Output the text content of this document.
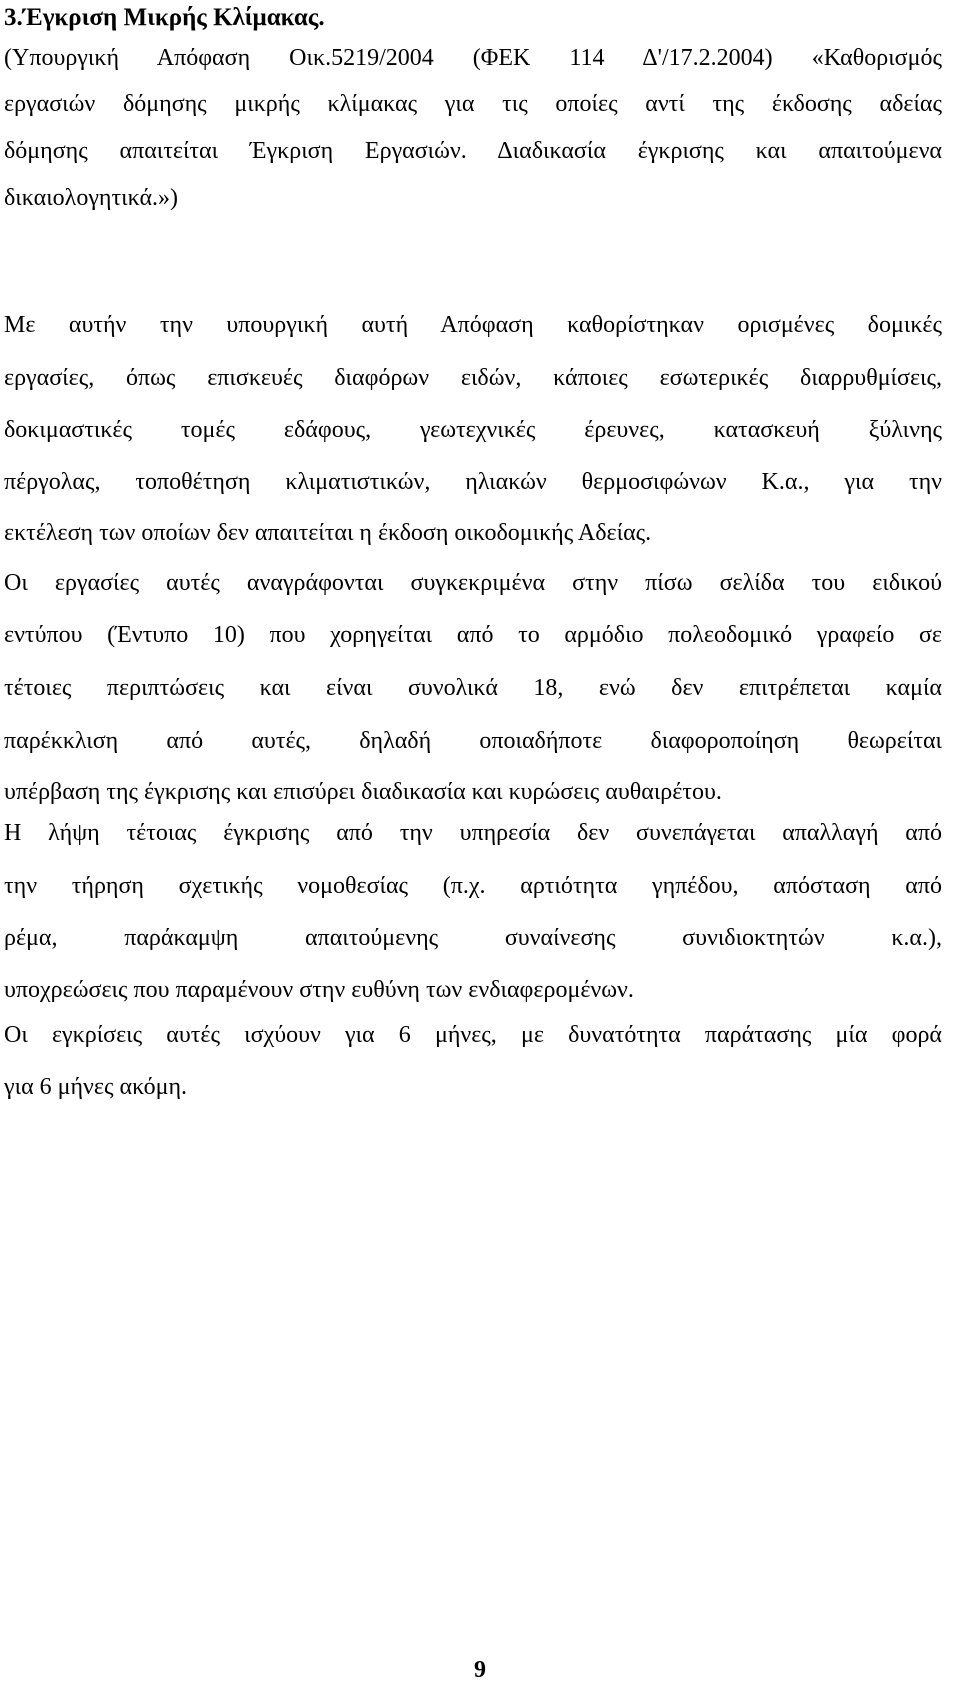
3.Έγκριση Μικρής Κλίμακας.
(Υπουργική Απόφαση Οικ.5219/2004 (ΦΕΚ 114 Δ'/17.2.2004) «Καθορισμός
εργασιών δόμησης μικρής κλίμακας για τις οποίες αντί της έκδοσης αδείας
δόμησης απαιτείται Έγκριση Εργασιών. Διαδικασία έγκρισης και απαιτούμενα
δικαιολογητικά.»)
Με αυτήν την υπουργική αυτή Απόφαση καθορίστηκαν ορισμένες δομικές
εργασίες, όπως επισκευές διαφόρων ειδών, κάποιες εσωτερικές διαρρυθμίσεις,
δοκιμαστικές τομές εδάφους, γεωτεχνικές έρευνες, κατασκευή ξύλινης
πέργολας, τοποθέτηση κλιματιστικών, ηλιακών θερμοσιφώνων Κ.α., για την
εκτέλεση των οποίων δεν απαιτείται η έκδοση οικοδομικής Αδείας.
Οι εργασίες αυτές αναγράφονται συγκεκριμένα στην πίσω σελίδα του ειδικού
εντύπου (Έντυπο 10) που χορηγείται από το αρμόδιο πολεοδομικό γραφείο σε
τέτοιες περιπτώσεις και είναι συνολικά 18, ενώ δεν επιτρέπεται καμία
παρέκκλιση από αυτές, δηλαδή οποιαδήποτε διαφοροποίηση θεωρείται
υπέρβαση της έγκρισης και επισύρει διαδικασία και κυρώσεις αυθαιρέτου.
Η λήψη τέτοιας έγκρισης από την υπηρεσία δεν συνεπάγεται απαλλαγή από
την τήρηση σχετικής νομοθεσίας (π.χ. αρτιότητα γηπέδου, απόσταση από
ρέμα, παράκαμψη απαιτούμενης συναίνεσης συνιδιοκτητών κ.α.),
υποχρεώσεις που παραμένουν στην ευθύνη των ενδιαφερομένων.
Οι εγκρίσεις αυτές ισχύουν για 6 μήνες, με δυνατότητα παράτασης μία φορά
για 6 μήνες ακόμη.
9
